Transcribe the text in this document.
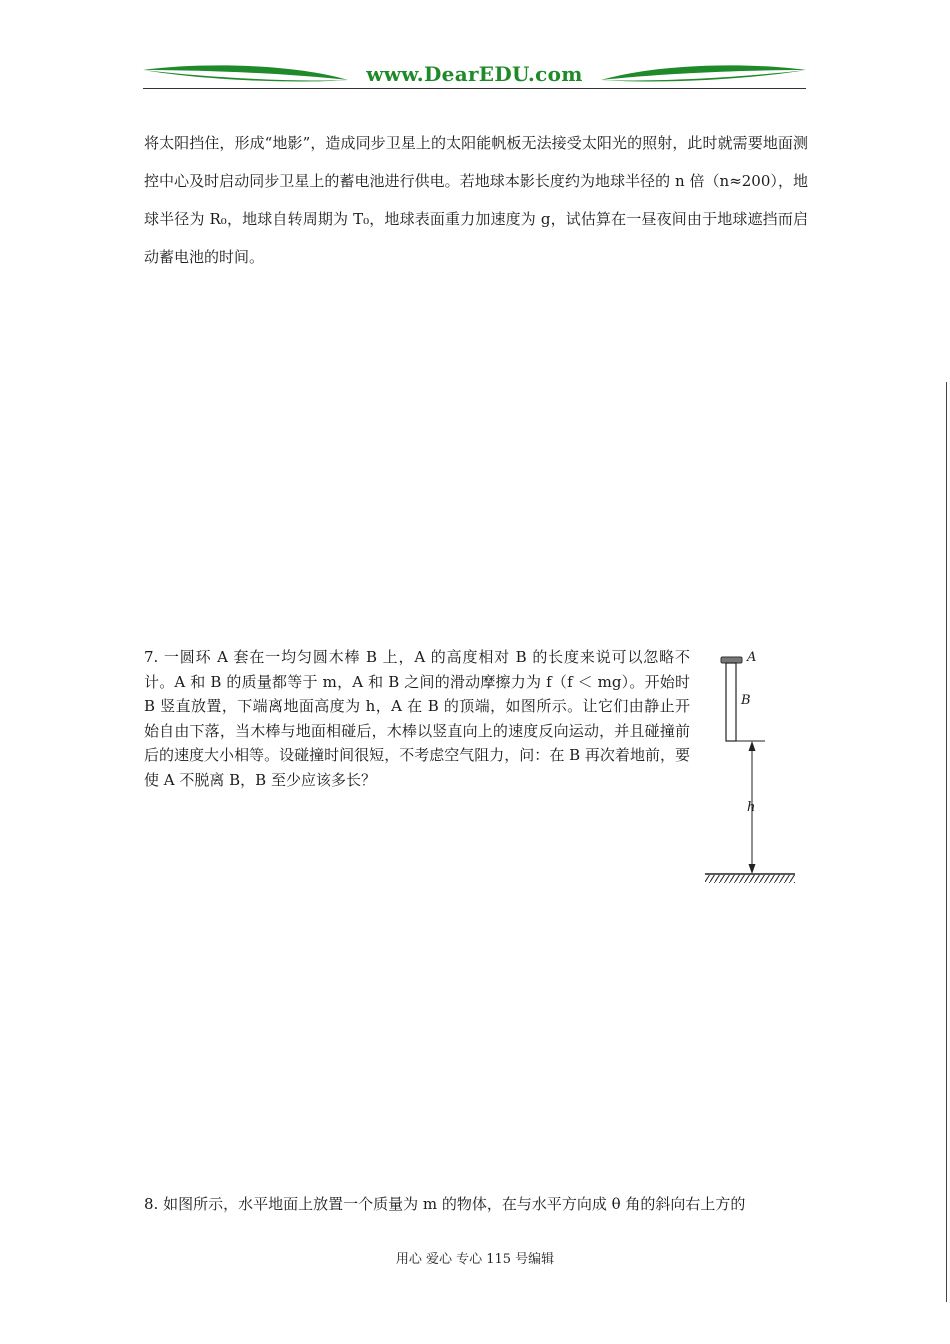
www.DearEDU.com

将太阳挡住，形成“地影”，造成同步卫星上的太阳能帆板无法接受太阳光的照射，此时就需要地面测控中心及时启动同步卫星上的蓄电池进行供电。若地球本影长度约为地球半径的 n 倍（n≈200），地球半径为 R₀，地球自转周期为 T₀，地球表面重力加速度为 g，试估算在一昼夜间由于地球遮挡而启动蓄电池的时间。

7. 一圆环 A 套在一均匀圆木棒 B 上，A 的高度相对 B 的长度来说可以忽略不计。A 和 B 的质量都等于 m，A 和 B 之间的滑动摩擦力为 f（f ＜ mg）。开始时 B 竖直放置，下端离地面高度为 h，A 在 B 的顶端，如图所示。让它们由静止开始自由下落，当木棒与地面相碰后，木棒以竖直向上的速度反向运动，并且碰撞前后的速度大小相等。设碰撞时间很短，不考虑空气阻力，问：在 B 再次着地前，要使 A 不脱离 B，B 至少应该多长？

A
B
h

8. 如图所示，水平地面上放置一个质量为 m 的物体，在与水平方向成 θ 角的斜向右上方的

用心 爱心 专心 115 号编辑
